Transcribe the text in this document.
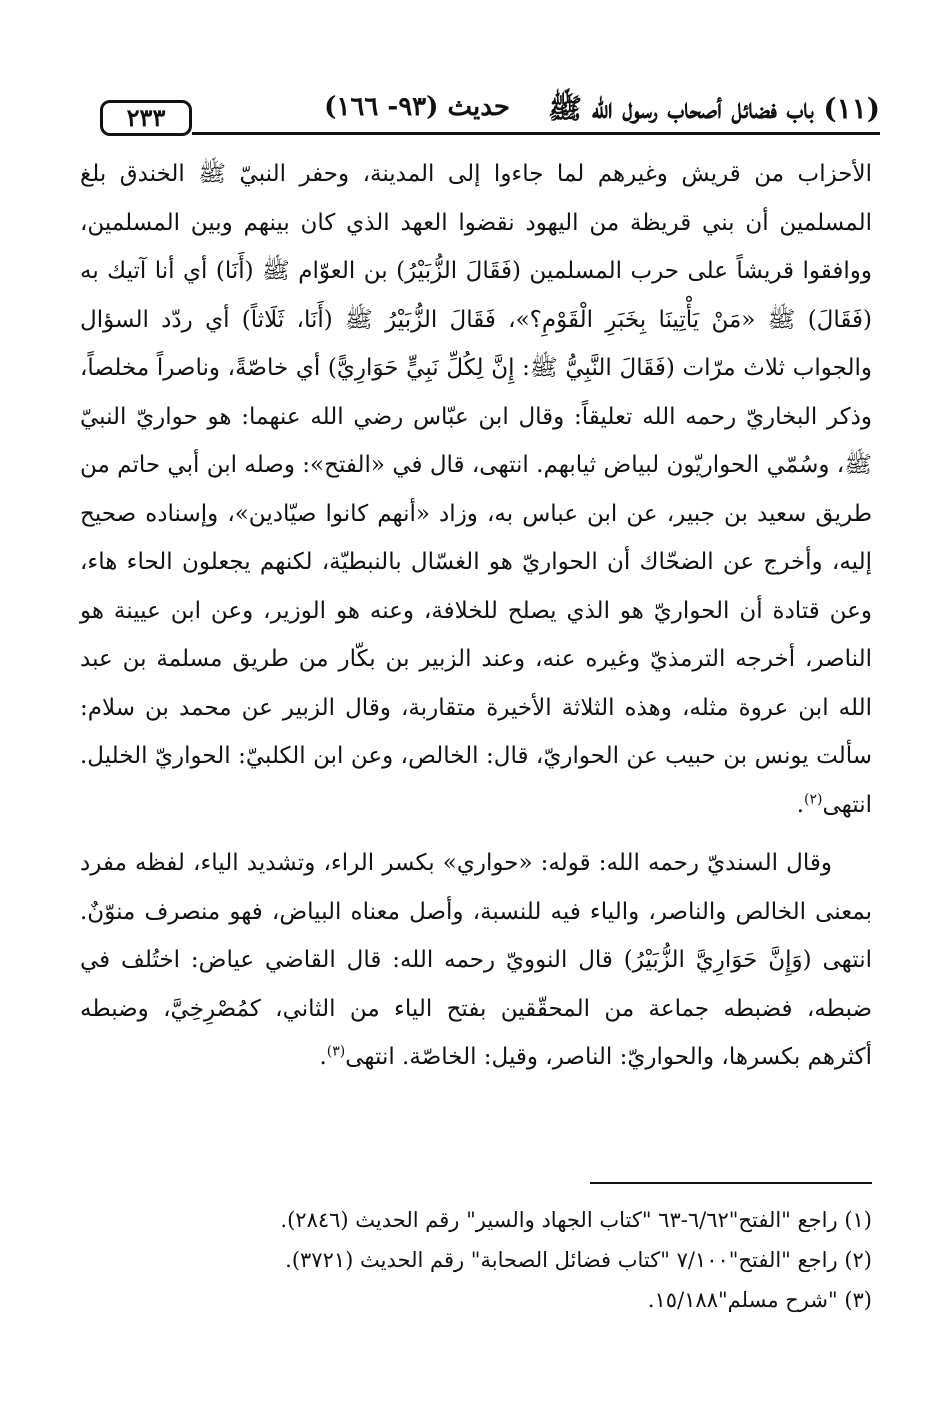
(١١) باب فضائل أصحاب رسول الله ﷺ
حديث (٩٣- ١٦٦)
٢٣٣

الأحزاب من قريش وغيرهم لما جاءوا إلى المدينة، وحفر النبيّ ﷺ الخندق بلغ المسلمين أن بني قريظة من اليهود نقضوا العهد الذي كان بينهم وبين المسلمين، ووافقوا قريشاً على حرب المسلمين (فَقَالَ الزُّبَيْرُ) بن العوّام ﷺ (أَنَا) أي أنا آتيك به (فَقَالَ) ﷺ «مَنْ يَأْتِينَا بِخَبَرِ الْقَوْمِ؟»، فَقَالَ الزُّبَيْرُ ﷺ (أَنَا، ثَلَاثاً) أي ردّد السؤال والجواب ثلاث مرّات (فَقَالَ النَّبِيُّ ﷺ: إِنَّ لِكُلِّ نَبِيٍّ حَوَارِيًّ) أي خاصّةً، وناصراً مخلصاً، وذكر البخاريّ رحمه الله تعليقاً: وقال ابن عبّاس رضي الله عنهما: هو حواريّ النبيّ ﷺ، وسُمّي الحواريّون لبياض ثيابهم. انتهى، قال في «الفتح»: وصله ابن أبي حاتم من طريق سعيد بن جبير، عن ابن عباس به، وزاد «أنهم كانوا صيّادين»، وإسناده صحيح إليه، وأخرج عن الضحّاك أن الحواريّ هو الغسّال بالنبطيّة، لكنهم يجعلون الحاء هاء، وعن قتادة أن الحواريّ هو الذي يصلح للخلافة، وعنه هو الوزير، وعن ابن عيينة هو الناصر، أخرجه الترمذيّ وغيره عنه، وعند الزبير بن بكّار من طريق مسلمة بن عبد الله ابن عروة مثله، وهذه الثلاثة الأخيرة متقاربة، وقال الزبير عن محمد بن سلام: سألت يونس بن حبيب عن الحواريّ، قال: الخالص، وعن ابن الكلبيّ: الحواريّ الخليل. انتهى$^{(٢)}$.

وقال السنديّ رحمه الله: قوله: «حواري» بكسر الراء، وتشديد الياء، لفظه مفرد بمعنى الخالص والناصر، والياء فيه للنسبة، وأصل معناه البياض، فهو منصرف منوّنٌ. انتهى (وَإِنَّ حَوَارِيَّ الزُّبَيْرُ) قال النوويّ رحمه الله: قال القاضي عياض: اختُلف في ضبطه، فضبطه جماعة من المحقّقين بفتح الياء من الثاني، كمُصْرِخِيَّ، وضبطه أكثرهم بكسرها، والحواريّ: الناصر، وقيل: الخاصّة. انتهى$^{(٣)}$.

(١) راجع "الفتح"٦/٦٢-٦٣ "كتاب الجهاد والسير" رقم الحديث (٢٨٤٦).

(٢) راجع "الفتح"٧/١٠٠ "كتاب فضائل الصحابة" رقم الحديث (٣٧٢١).

(٣) "شرح مسلم"١٥/١٨٨.
